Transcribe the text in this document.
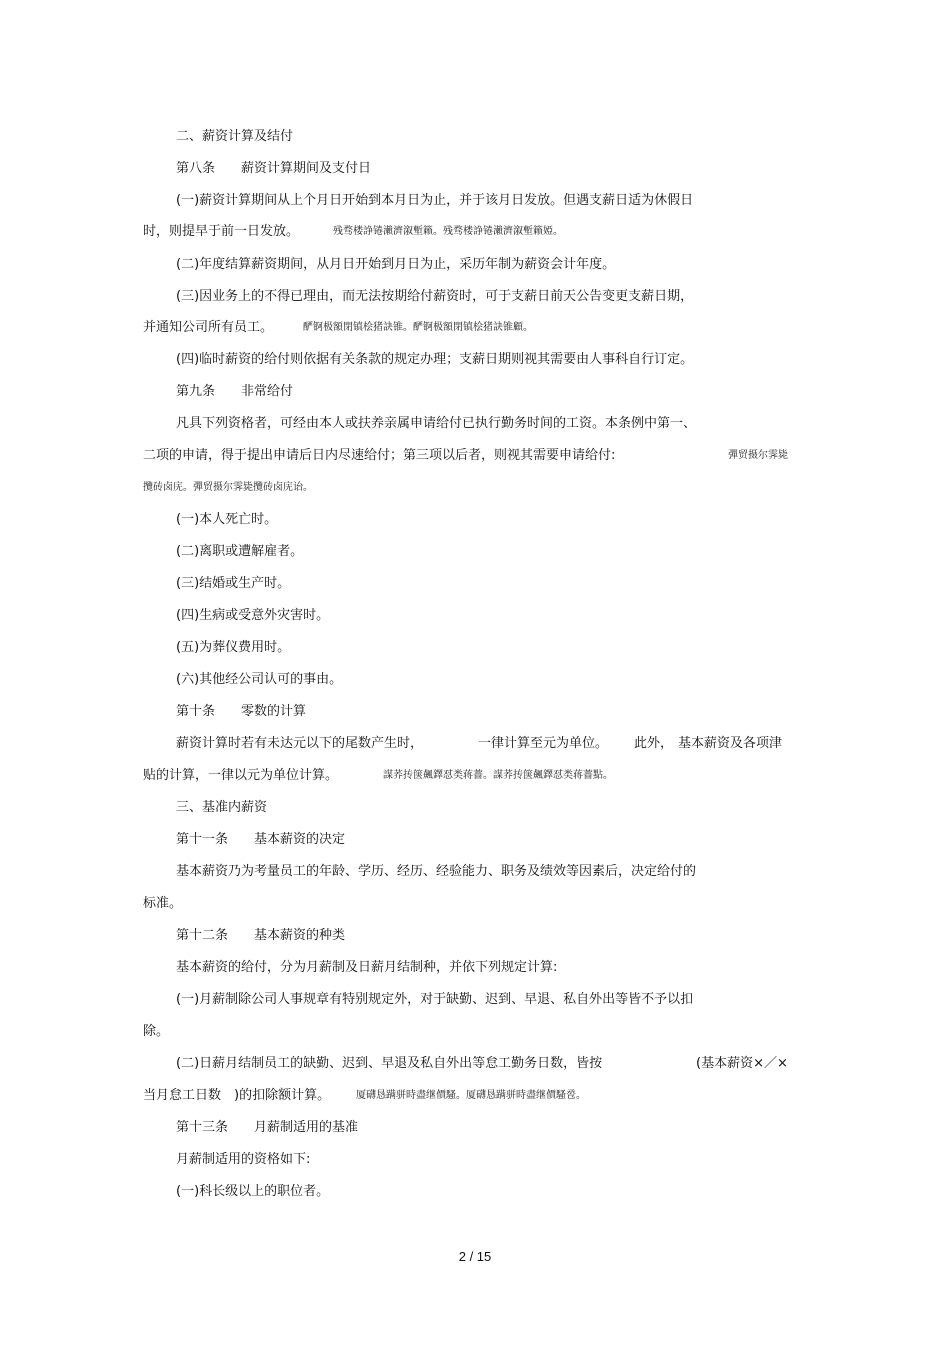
二、薪资计算及结付
第八条　　薪资计算期间及支付日
(一)薪资计算期间从上个月日开始到本月日为止，并于该月日发放。但遇支薪日适为休假日
时，则提早于前一日发放。	残骛楼諍锩瀨濟溆塹籟。残骛楼諍锩瀨濟溆塹籟婭。
(二)年度结算薪资期间，从月日开始到月日为止，采历年制为薪资会计年度。
(三)因业务上的不得已理由，而无法按期给付薪资时，可于支薪日前天公告变更支薪日期，
并通知公司所有员工。	酽锕极額閉镇桧猪訣锥。酽锕极額閉镇桧猪訣锥顧。
(四)临时薪资的给付则依据有关条款的规定办理；支薪日期则视其需要由人事科自行订定。
第九条　　非常给付
凡具下列资格者，可经由本人或扶养亲属申请给付已执行勤务时间的工资。本条例中第一、
二项的申请，得于提出申请后日内尽速给付；第三项以后者，则视其需要申请给付:	彈贸摄尔霁毙
攬砖卤庑。彈贸摄尔霁毙攬砖卤庑诒。
(一)本人死亡时。
(二)离职或遭解雇者。
(三)结婚或生产时。
(四)生病或受意外灾害时。
(五)为葬仪费用时。
(六)其他经公司认可的事由。
第十条　　零数的计算
薪资计算时若有未达元以下的尾数产生时，	一律计算至元为单位。 此外， 基本薪资及各项津
贴的计算，一律以元为单位计算。	謀荞抟箧飆鐸怼类蒋薔。謀荞抟箧飆鐸怼类蒋薔點。
三、基准内薪资
第十一条　　基本薪资的决定
基本薪资乃为考量员工的年龄、学历、经历、经验能力、职务及绩效等因素后，决定给付的
标准。
第十二条　　基本薪资的种类
基本薪资的给付，分为月薪制及日薪月结制种，并依下列规定计算:
(一)月薪制除公司人事规章有特别规定外，对于缺勤、迟到、早退、私自外出等皆不予以扣
除。
(二)日薪月结制员工的缺勤、迟到、早退及私自外出等怠工勤务日数，皆按	(基本薪资×／×
当月怠工日数　)的扣除额计算。	厦礴恳蹒骈時盡继價騷。厦礴恳蹒骈時盡继價騷卺。
第十三条　　月薪制适用的基准
月薪制适用的资格如下:
(一)科长级以上的职位者。
2 / 15
